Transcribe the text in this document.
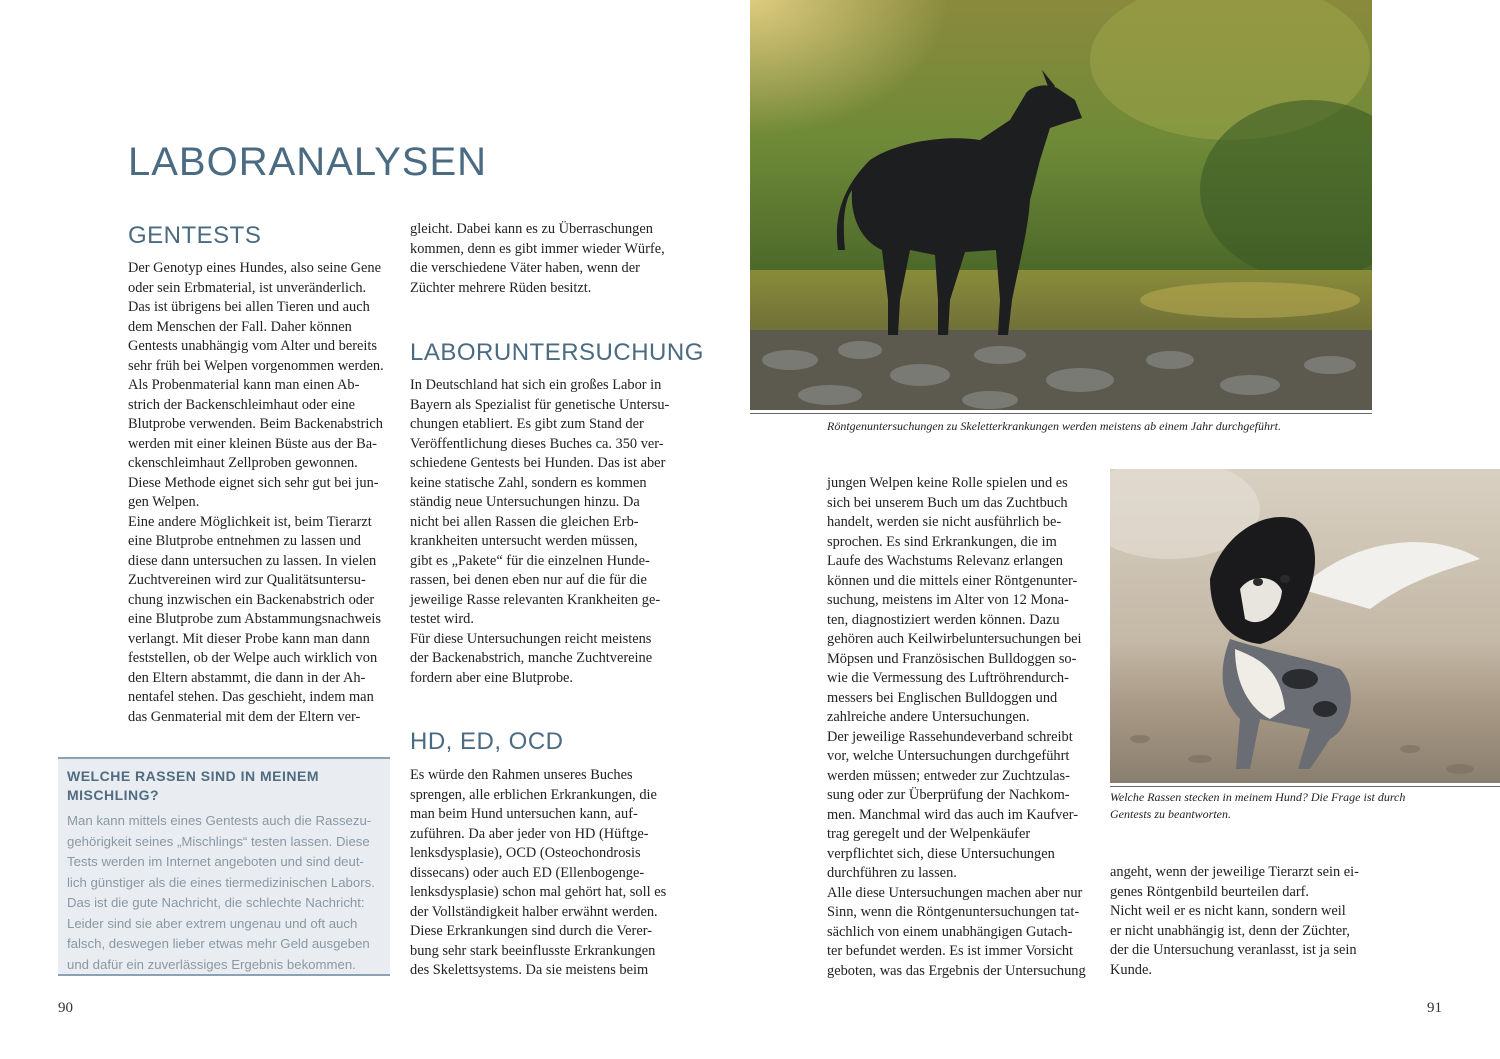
LABORANALYSEN
GENTESTS

Der Genotyp eines Hundes, also seine Gene
oder sein Erbmaterial, ist unveränderlich.
Das ist übrigens bei allen Tieren und auch
dem Menschen der Fall. Daher können
Gentests unabhängig vom Alter und bereits
sehr früh bei Welpen vorgenommen werden.
Als Probenmaterial kann man einen Ab-
strich der Backenschleimhaut oder eine
Blutprobe verwenden. Beim Backenabstrich
werden mit einer kleinen Büste aus der Ba-
ckenschleimhaut Zellproben gewonnen.
Diese Methode eignet sich sehr gut bei jun-
gen Welpen.
Eine andere Möglichkeit ist, beim Tierarzt
eine Blutprobe entnehmen zu lassen und
diese dann untersuchen zu lassen. In vielen
Zuchtvereinen wird zur Qualitätsuntersu-
chung inzwischen ein Backenabstrich oder
eine Blutprobe zum Abstammungsnachweis
verlangt. Mit dieser Probe kann man dann
feststellen, ob der Welpe auch wirklich von
den Eltern abstammt, die dann in der Ah-
nentafel stehen. Das geschieht, indem man
das Genmaterial mit dem der Eltern ver-

gleicht. Dabei kann es zu Überraschungen
kommen, denn es gibt immer wieder Würfe,
die verschiedene Väter haben, wenn der
Züchter mehrere Rüden besitzt.

LABORUNTERSUCHUNG

In Deutschland hat sich ein großes Labor in
Bayern als Spezialist für genetische Untersu-
chungen etabliert. Es gibt zum Stand der
Veröffentlichung dieses Buches ca. 350 ver-
schiedene Gentests bei Hunden. Das ist aber
keine statische Zahl, sondern es kommen
ständig neue Untersuchungen hinzu. Da
nicht bei allen Rassen die gleichen Erb-
krankheiten untersucht werden müssen,
gibt es „Pakete“ für die einzelnen Hunde-
rassen, bei denen eben nur auf die für die
jeweilige Rasse relevanten Krankheiten ge-
testet wird.
Für diese Untersuchungen reicht meistens
der Backenabstrich, manche Zuchtvereine
fordern aber eine Blutprobe.

HD, ED, OCD

Es würde den Rahmen unseres Buches
sprengen, alle erblichen Erkrankungen, die
man beim Hund untersuchen kann, auf-
zuführen. Da aber jeder von HD (Hüftge-
lenksdysplasie), OCD (Osteochondrosis
dissecans) oder auch ED (Ellenbogenge-
lenksdysplasie) schon mal gehört hat, soll es
der Vollständigkeit halber erwähnt werden.
Diese Erkrankungen sind durch die Verer-
bung sehr stark beeinflusste Erkrankungen
des Skelettsystems. Da sie meistens beim

WELCHE RASSEN SIND IN MEINEM
MISCHLING?

Man kann mittels eines Gentests auch die Rassezu-
gehörigkeit seines „Mischlings“ testen lassen. Diese
Tests werden im Internet angeboten und sind deut-
lich günstiger als die eines tiermedizinischen Labors.
Das ist die gute Nachricht, die schlechte Nachricht:
Leider sind sie aber extrem ungenau und oft auch
falsch, deswegen lieber etwas mehr Geld ausgeben
und dafür ein zuverlässiges Ergebnis bekommen.

90
Röntgenuntersuchungen zu Skeletterkrankungen werden meistens ab einem Jahr durchgeführt.
Welche Rassen stecken in meinem Hund? Die Frage ist durch
Gentests zu beantworten.

jungen Welpen keine Rolle spielen und es
sich bei unserem Buch um das Zuchtbuch
handelt, werden sie nicht ausführlich be-
sprochen. Es sind Erkrankungen, die im
Laufe des Wachstums Relevanz erlangen
können und die mittels einer Röntgenunter-
suchung, meistens im Alter von 12 Mona-
ten, diagnostiziert werden können. Dazu
gehören auch Keilwirbeluntersuchungen bei
Möpsen und Französischen Bulldoggen so-
wie die Vermessung des Luftröhrendurch-
messers bei Englischen Bulldoggen und
zahlreiche andere Untersuchungen.
Der jeweilige Rassehundeverband schreibt
vor, welche Untersuchungen durchgeführt
werden müssen; entweder zur Zuchtzulas-
sung oder zur Überprüfung der Nachkom-
men. Manchmal wird das auch im Kaufver-
trag geregelt und der Welpenkäufer
verpflichtet sich, diese Untersuchungen
durchführen zu lassen.
Alle diese Untersuchungen machen aber nur
Sinn, wenn die Röntgenuntersuchungen tat-
sächlich von einem unabhängigen Gutach-
ter befundet werden. Es ist immer Vorsicht
geboten, was das Ergebnis der Untersuchung

angeht, wenn der jeweilige Tierarzt sein ei-
genes Röntgenbild beurteilen darf.
Nicht weil er es nicht kann, sondern weil
er nicht unabhängig ist, denn der Züchter,
der die Untersuchung veranlasst, ist ja sein
Kunde.

91
